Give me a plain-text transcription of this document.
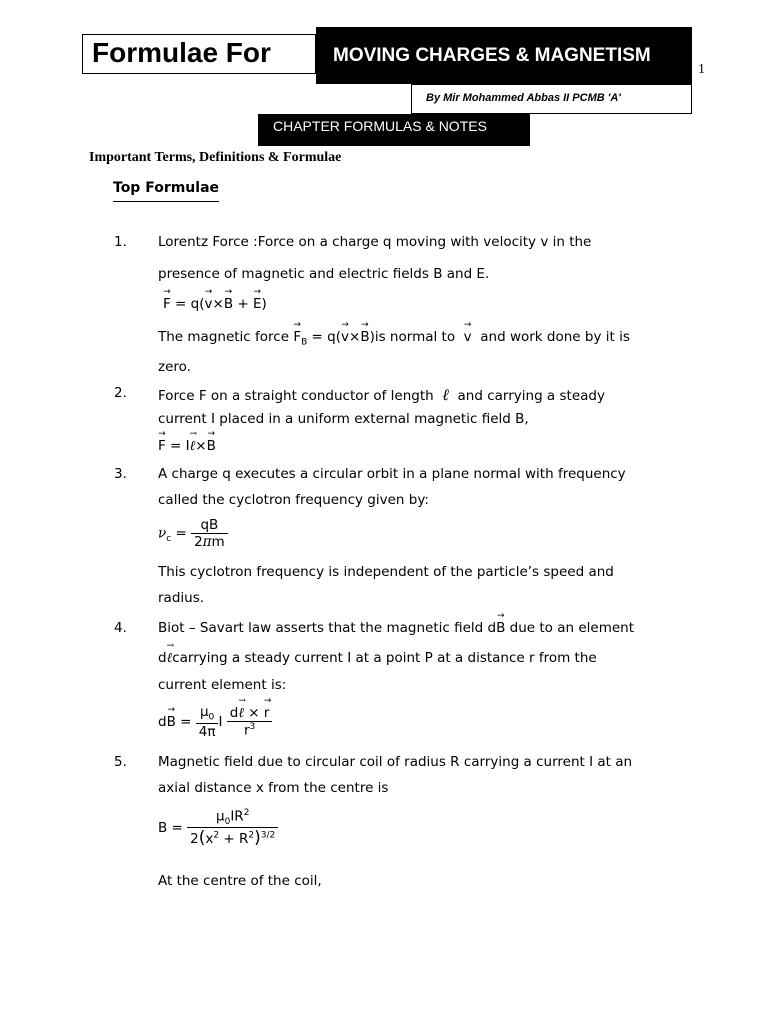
Formulae For	MOVING CHARGES & MAGNETISM
1
By Mir Mohammed Abbas II PCMB 'A'
CHAPTER FORMULAS & NOTES
Important Terms, Definitions & Formulae
Top Formulae
1. Lorentz Force :Force on a charge q moving with velocity v in the
presence of magnetic and electric fields B and E.
→ F = q(→ v×→ B + → E)
The magnetic force → $F_B = q(\to v\times\to B)is$ normal to →  v  and work done by it is
zero.
2. Force F on a straight conductor of length ℓ and carrying a steady
current I placed in a uniform external magnetic field B,
→ F = I→ ℓ×→ B
3. A charge q executes a circular orbit in a plane normal with frequency
called the cyclotron frequency given by:
$\nu_c = \frac{qB}{2\pi m}$
This cyclotron frequency is independent of the particle’s speed and
radius.
4. Biot – Savart law asserts that the magnetic field d→ B due to an element
d→ ℓcarrying a steady current I at a point P at a distance r from the
current element is:
$d\to B = \frac{\mu_0}{4\pi}$ I $\frac{\text{d→ ℓ × → r}}{r^3}$
5. Magnetic field due to circular coil of radius R carrying a current I at an
axial distance x from the centre is
$B = \frac{\mu_0IR^2}{2(x^2 + R^2)^{3/2}}$
At the centre of the coil,
